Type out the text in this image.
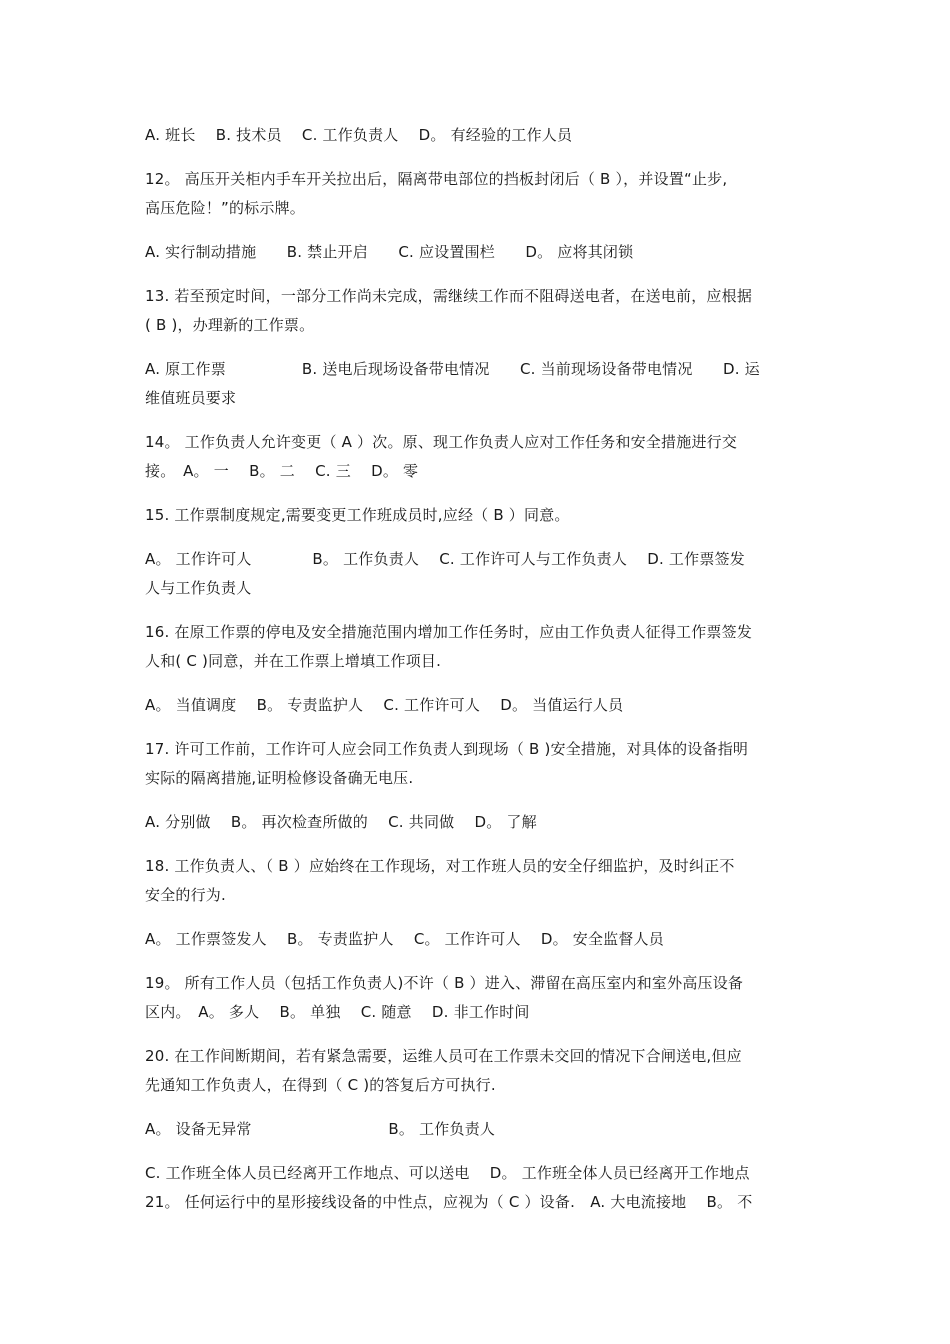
A. 班长　 B. 技术员　 C. 工作负责人　 D。 有经验的工作人员
12。 高压开关柜内手车开关拉出后，隔离带电部位的挡板封闭后（ B ），并设置“止步,
高压危险！”的标示牌。
A. 实行制动措施　　B. 禁止开启　　C. 应设置围栏　　D。 应将其闭锁
13. 若至预定时间，一部分工作尚未完成，需继续工作而不阻碍送电者，在送电前，应根据
( B )，办理新的工作票。
A. 原工作票　　　　　B. 送电后现场设备带电情况　　C. 当前现场设备带电情况　　D. 运
维值班员要求
14。 工作负责人允许变更（ A ）次。原、现工作负责人应对工作任务和安全措施进行交
接。　A。 一　 B。 二　 C. 三　 D。 零
15. 工作票制度规定,需要变更工作班成员时,应经（ B ）同意。
A。 工作许可人　　　　B。 工作负责人　 C. 工作许可人与工作负责人　 D. 工作票签发
人与工作负责人
16. 在原工作票的停电及安全措施范围内增加工作任务时，应由工作负责人征得工作票签发
人和( C )同意，并在工作票上增填工作项目.
A。 当值调度　 B。 专责监护人　 C. 工作许可人　 D。 当值运行人员
17. 许可工作前，工作许可人应会同工作负责人到现场（ B )安全措施，对具体的设备指明
实际的隔离措施,证明检修设备确无电压.
A. 分别做　 B。 再次检查所做的　 C. 共同做　 D。 了解
18. 工作负责人、（ B ）应始终在工作现场，对工作班人员的安全仔细监护，及时纠正不
安全的行为.
A。 工作票签发人　 B。 专责监护人　 C。 工作许可人　 D。 安全监督人员
19。 所有工作人员（包括工作负责人)不许（ B ）进入、滞留在高压室内和室外高压设备
区内。　A。 多人　 B。 单独　 C. 随意　 D. 非工作时间
20. 在工作间断期间，若有紧急需要，运维人员可在工作票未交回的情况下合闸送电,但应
先通知工作负责人，在得到（ C )的答复后方可执行.
A。 设备无异常　　　　　　　　　B。 工作负责人
C. 工作班全体人员已经离开工作地点、可以送电　 D。 工作班全体人员已经离开工作地点
21。 任何运行中的星形接线设备的中性点，应视为（ C ）设备.　A. 大电流接地　 B。 不
